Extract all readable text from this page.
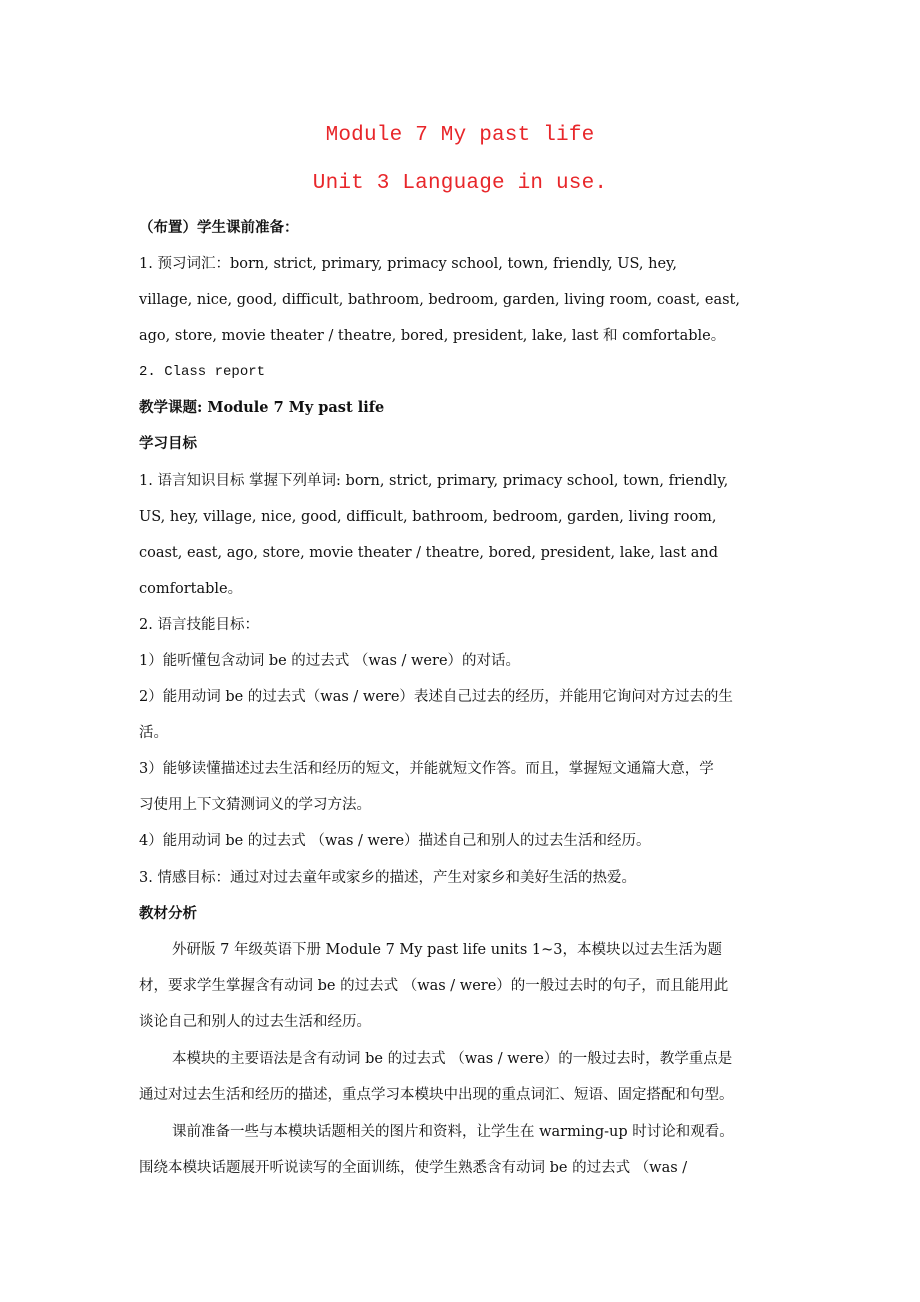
Module 7 My past life
Unit 3 Language in use.
（布置）学生课前准备：
1. 预习词汇：born, strict, primary, primacy school, town, friendly, US, hey,
village, nice, good, difficult, bathroom, bedroom, garden, living room, coast, east,
ago, store, movie theater / theatre, bored, president, lake, last 和 comfortable。
2. Class report
教学课题: Module 7 My past life
学习目标
1. 语言知识目标 掌握下列单词: born, strict, primary, primacy school, town, friendly,
US, hey, village, nice, good, difficult, bathroom, bedroom, garden, living room,
coast, east, ago, store, movie theater / theatre, bored, president, lake, last and
comfortable。
2. 语言技能目标：
1）能听懂包含动词 be 的过去式 （was / were）的对话。
2）能用动词 be 的过去式（was / were）表述自己过去的经历，并能用它询问对方过去的生
活。
3）能够读懂描述过去生活和经历的短文，并能就短文作答。而且，掌握短文通篇大意，学
习使用上下文猜测词义的学习方法。
4）能用动词 be 的过去式 （was / were）描述自己和别人的过去生活和经历。
3. 情感目标：通过对过去童年或家乡的描述，产生对家乡和美好生活的热爱。
教材分析
外研版 7 年级英语下册 Module 7 My past life units 1~3，本模块以过去生活为题
材，要求学生掌握含有动词 be 的过去式 （was / were）的一般过去时的句子，而且能用此
谈论自己和别人的过去生活和经历。
本模块的主要语法是含有动词 be 的过去式 （was / were）的一般过去时，教学重点是
通过对过去生活和经历的描述，重点学习本模块中出现的重点词汇、短语、固定搭配和句型。
课前准备一些与本模块话题相关的图片和资料，让学生在 warming-up 时讨论和观看。
围绕本模块话题展开听说读写的全面训练，使学生熟悉含有动词 be 的过去式 （was /
